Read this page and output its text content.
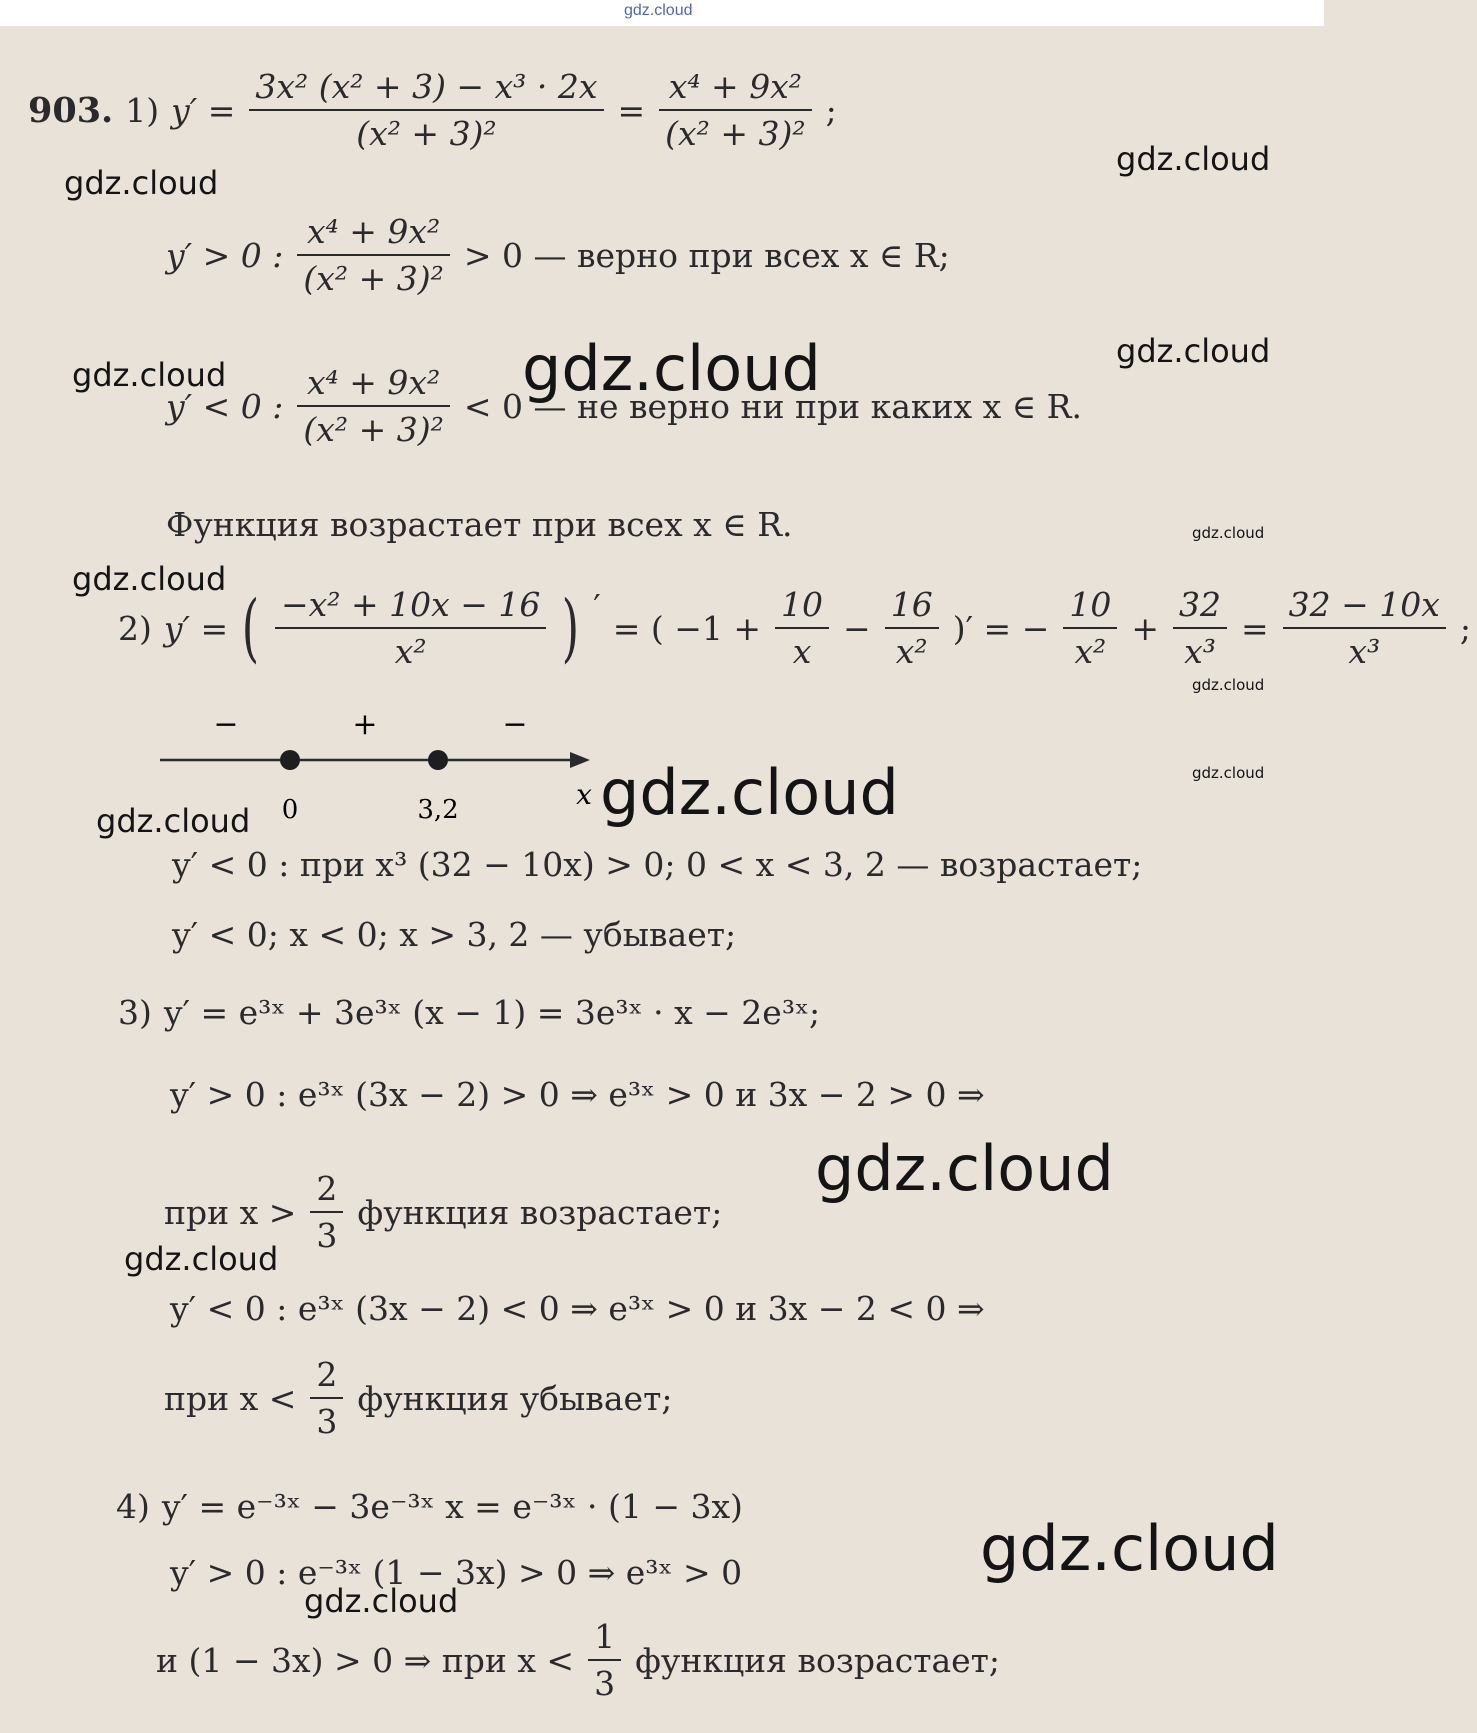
gdz.cloud
903. 1) $y' = \frac{\text{3x² (x² + 3) − x³ · 2x}}{\text{(x² + 3)²}} = \frac{\text{x⁴ + 9x²}}{\text{(x² + 3)²}}$ ;
y′ > 0 : $\frac{\text{x⁴ + 9x²}}{\text{(x² + 3)²}} > 0$ — верно при всех x ∈ R;
y′ < 0 : $\frac{\text{x⁴ + 9x²}}{\text{(x² + 3)²}} < 0$ — не верно ни при каких x ∈ R.
Функция возрастает при всех x ∈ R.
2) y′ = ( $\frac{\text{−x² + 10x − 16}}{\text{x²}}$ ) ′
= ( $-1 + \frac{10}{x} - \frac{16}{\text{x²}}$ )′ = − $\frac{10}{\text{x²}} + \frac{32}{\text{x³}} = \frac{32 - 10x}{\text{x³}}$ ;
−	+	−
0	3,2	x
y′ < 0 : при x³ (32 − 10x) > 0; 0 < x < 3, 2 — возрастает;
y′ < 0; x < 0; x > 3, 2 — убывает;
3) y′ = e³ˣ + 3e³ˣ (x − 1) = 3e³ˣ · x − 2e³ˣ;
y′ > 0 : e³ˣ (3x − 2) > 0 ⇒ e³ˣ > 0 и 3x − 2 > 0 ⇒
при $x > \frac{2}{3}$ функция возрастает;
y′ < 0 : e³ˣ (3x − 2) < 0 ⇒ e³ˣ > 0 и 3x − 2 < 0 ⇒
при $x < \frac{2}{3}$ функция убывает;
4) y′ = e⁻³ˣ − 3e⁻³ˣ x = e⁻³ˣ · (1 − 3x)
y′ > 0 : e⁻³ˣ (1 − 3x) > 0 ⇒ e³ˣ > 0
и (1 − 3x) > 0 ⇒ при $x < \frac{1}{3}$ функция возрастает;
gdz.cloud
gdz.cloud
gdz.cloud	gdz.cloud	gdz.cloud
gdz.cloud
gdz.cloud
gdz.cloud
gdz.cloud
gdz.cloud
gdz.cloud
gdz.cloud
gdz.cloud
gdz.cloud
gdz.cloud
